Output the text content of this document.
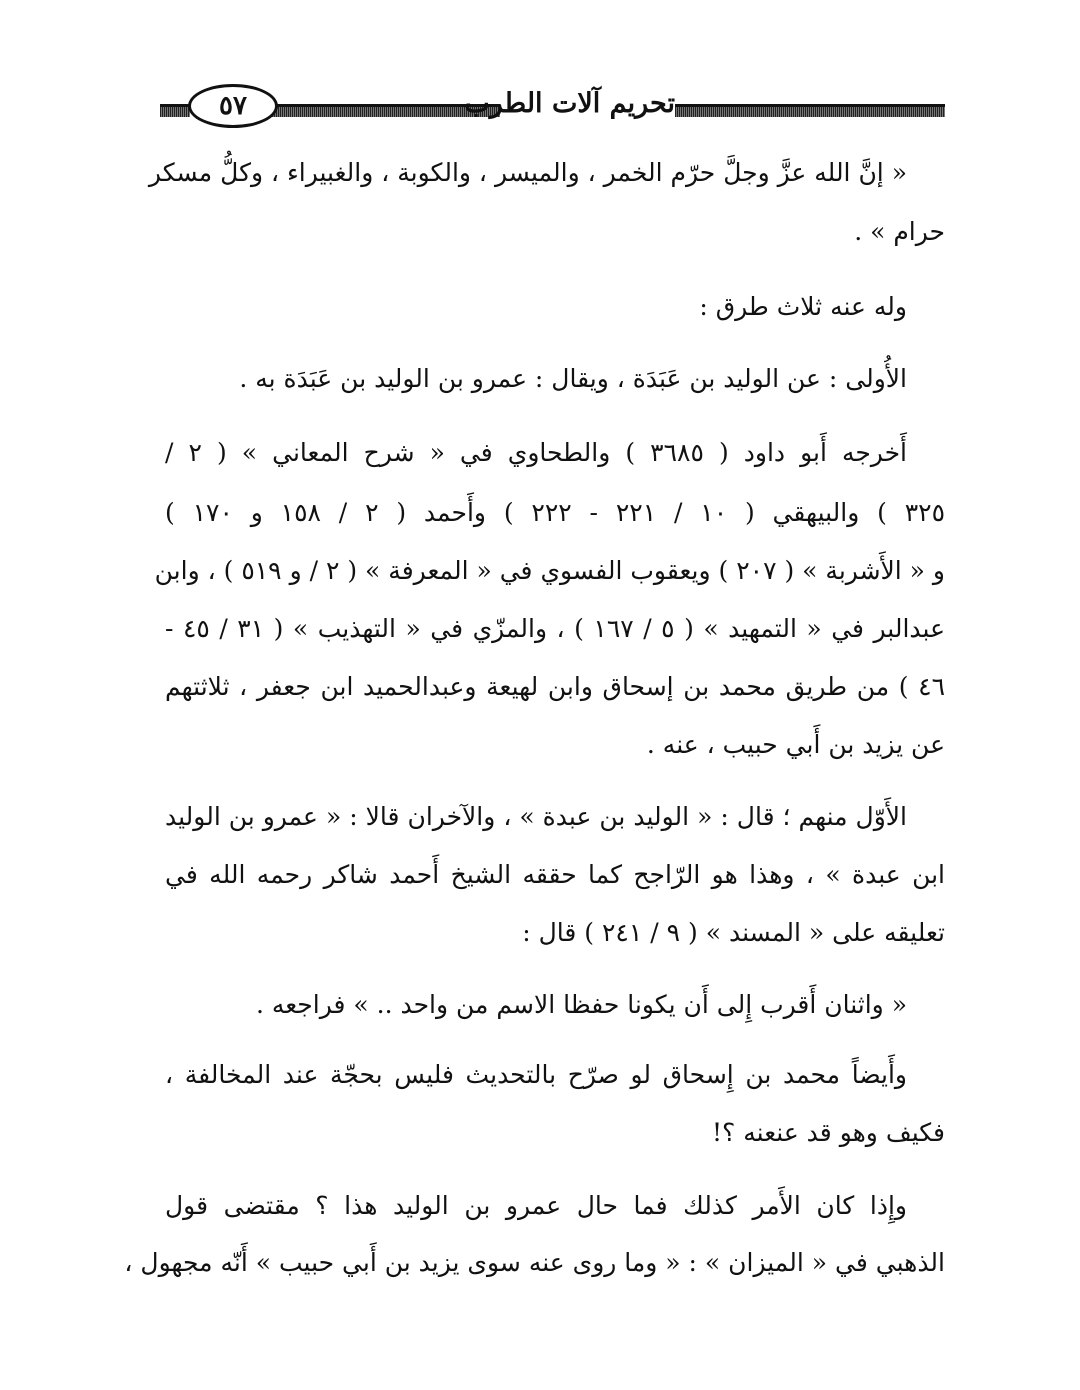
تحريم آلات الطرب
٥٧
« إنَّ الله عزَّ وجلَّ حرّم الخمر ، والميسر ، والكوبة ، والغبيراء ، وكلُّ مسكر
حرام » .
وله عنه ثلاث طرق :
الأُولى : عن الوليد بن عَبَدَة ، ويقال : عمرو بن الوليد بن عَبَدَة به .
أَخرجه أَبو داود ( ٣٦٨٥ ) والطحاوي في « شرح المعاني » ( ٢ /
٣٢٥ ) والبيهقي ( ١٠ / ٢٢١ - ٢٢٢ ) وأَحمد ( ٢ / ١٥٨ و ١٧٠ )
و « الأَشربة » ( ٢٠٧ ) ويعقوب الفسوي في « المعرفة » ( ٢ / و ٥١٩ ) ، وابن
عبدالبر في « التمهيد » ( ٥ / ١٦٧ ) ، والمزّي في « التهذيب » ( ٣١ / ٤٥ -
٤٦ ) من طريق محمد بن إسحاق وابن لهيعة وعبدالحميد ابن جعفر ، ثلاثتهم
عن يزيد بن أَبي حبيب ، عنه .
الأَوّل منهم ؛ قال : « الوليد بن عبدة » ، والآخران قالا : « عمرو بن الوليد
ابن عبدة » ، وهذا هو الرّاجح كما حققه الشيخ أَحمد شاكر رحمه الله في
تعليقه على « المسند » ( ٩ / ٢٤١ ) قال :
« واثنان أَقرب إِلى أَن يكونا حفظا الاسم من واحد .. » فراجعه .
وأَيضاً محمد بن إِسحاق لو صرّح بالتحديث فليس بحجّة عند المخالفة ،
فكيف وهو قد عنعنه ؟!
وإِذا كان الأَمر كذلك فما حال عمرو بن الوليد هذا ؟ مقتضى قول
الذهبي في « الميزان » : « وما روى عنه سوى يزيد بن أَبي حبيب » أَنّه مجهول ،
